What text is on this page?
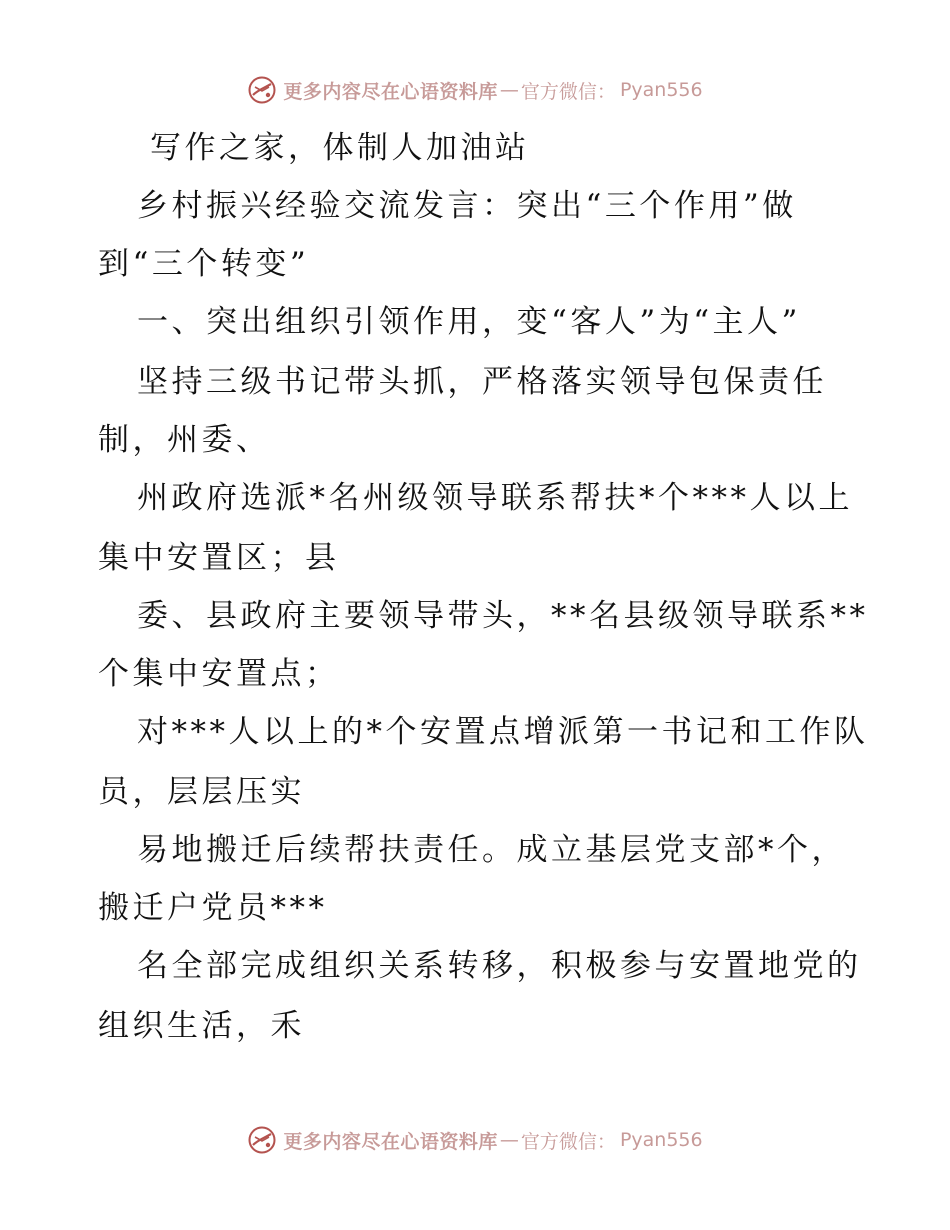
更多内容尽在心语资料库 — 官方微信： Pyan556
写作之家，体制人加油站
乡村振兴经验交流发言：突出“三个作用”做
到“三个转变”
一、突出组织引领作用，变“客人”为“主人”
坚持三级书记带头抓，严格落实领导包保责任
制，州委、
州政府选派*名州级领导联系帮扶*个***人以上
集中安置区；县
委、县政府主要领导带头，**名县级领导联系**
个集中安置点；
对***人以上的*个安置点增派第一书记和工作队
员，层层压实
易地搬迁后续帮扶责任。成立基层党支部*个，
搬迁户党员***
名全部完成组织关系转移，积极参与安置地党的
组织生活，禾
更多内容尽在心语资料库 — 官方微信： Pyan556
